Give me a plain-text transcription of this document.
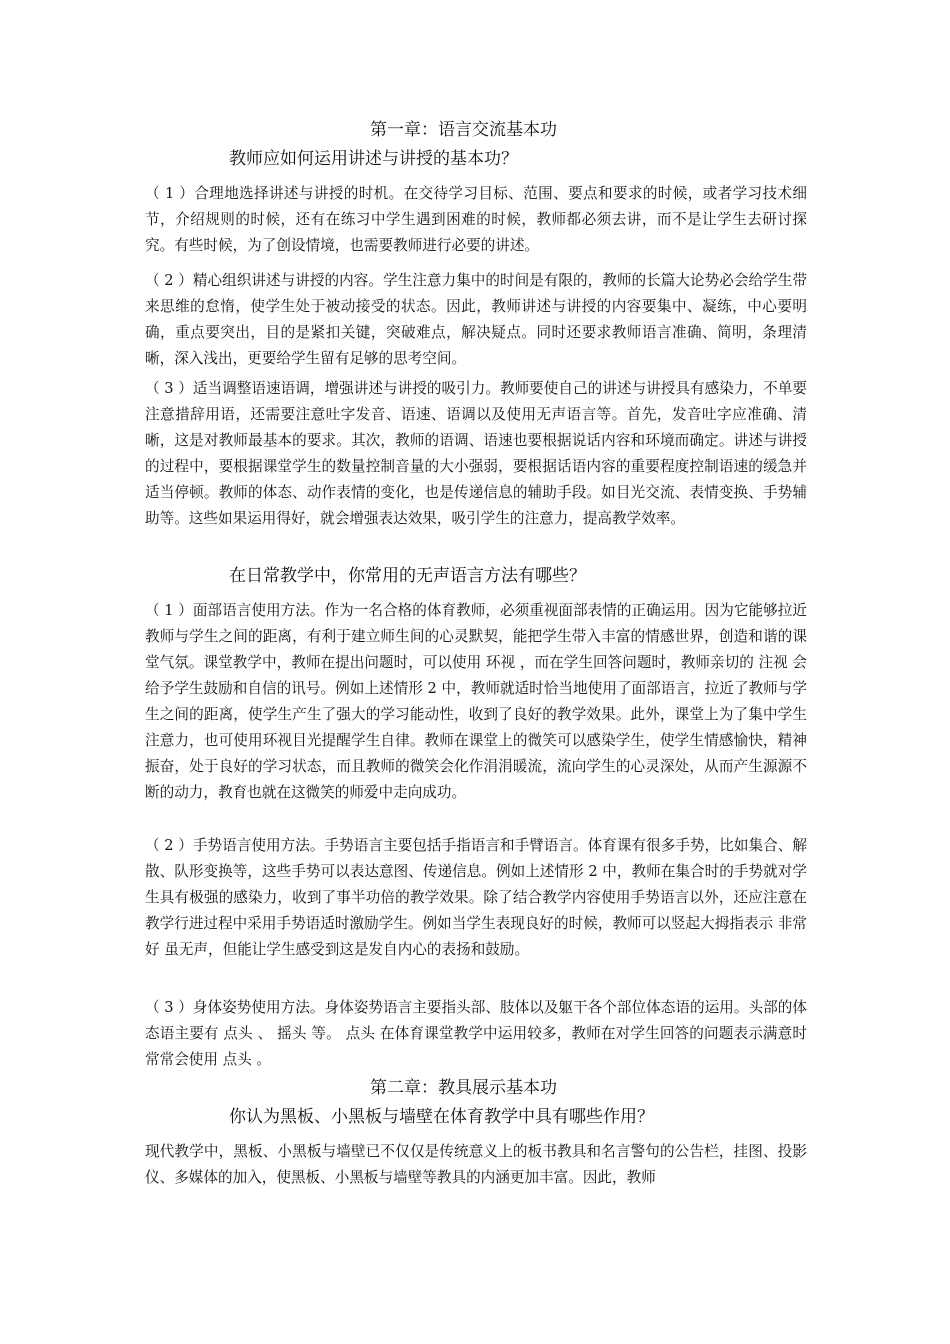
第一章：语言交流基本功
教师应如何运用讲述与讲授的基本功？

（ 1 ）合理地选择讲述与讲授的时机。在交待学习目标、范围、要点和要求的时候，或者学习技术细节，介绍规则的时候，还有在练习中学生遇到困难的时候，教师都必须去讲，而不是让学生去研讨探究。有些时候，为了创设情境，也需要教师进行必要的讲述。

（ 2 ）精心组织讲述与讲授的内容。学生注意力集中的时间是有限的，教师的长篇大论势必会给学生带来思维的怠惰，使学生处于被动接受的状态。因此，教师讲述与讲授的内容要集中、凝练，中心要明确，重点要突出，目的是紧扣关键，突破难点，解决疑点。同时还要求教师语言准确、简明，条理清晰，深入浅出，更要给学生留有足够的思考空间。

（ 3 ）适当调整语速语调，增强讲述与讲授的吸引力。教师要使自己的讲述与讲授具有感染力，不单要注意措辞用语，还需要注意吐字发音、语速、语调以及使用无声语言等。首先，发音吐字应准确、清晰，这是对教师最基本的要求。其次，教师的语调、语速也要根据说话内容和环境而确定。讲述与讲授的过程中，要根据课堂学生的数量控制音量的大小强弱，要根据话语内容的重要程度控制语速的缓急并适当停顿。教师的体态、动作表情的变化，也是传递信息的辅助手段。如目光交流、表情变换、手势辅助等。这些如果运用得好，就会增强表达效果，吸引学生的注意力，提高教学效率。

在日常教学中，你常用的无声语言方法有哪些？

（ 1 ）面部语言使用方法。作为一名合格的体育教师，必须重视面部表情的正确运用。因为它能够拉近教师与学生之间的距离，有利于建立师生间的心灵默契，能把学生带入丰富的情感世界，创造和谐的课堂气氛。课堂教学中，教师在提出问题时，可以使用 环视 ，而在学生回答问题时，教师亲切的 注视 会给予学生鼓励和自信的讯号。例如上述情形 2 中，教师就适时恰当地使用了面部语言，拉近了教师与学生之间的距离，使学生产生了强大的学习能动性，收到了良好的教学效果。此外，课堂上为了集中学生注意力，也可使用环视目光提醒学生自律。教师在课堂上的微笑可以感染学生，使学生情感愉快，精神振奋，处于良好的学习状态，而且教师的微笑会化作涓涓暖流，流向学生的心灵深处，从而产生源源不断的动力，教育也就在这微笑的师爱中走向成功。

（ 2 ）手势语言使用方法。手势语言主要包括手指语言和手臂语言。体育课有很多手势，比如集合、解散、队形变换等，这些手势可以表达意图、传递信息。例如上述情形 2 中，教师在集合时的手势就对学生具有极强的感染力，收到了事半功倍的教学效果。除了结合教学内容使用手势语言以外，还应注意在教学行进过程中采用手势语适时激励学生。例如当学生表现良好的时候，教师可以竖起大拇指表示 非常好 虽无声，但能让学生感受到这是发自内心的表扬和鼓励。

（ 3 ）身体姿势使用方法。身体姿势语言主要指头部、肢体以及躯干各个部位体态语的运用。头部的体态语主要有 点头 、 摇头 等。 点头 在体育课堂教学中运用较多，教师在对学生回答的问题表示满意时常常会使用 点头 。

第二章：教具展示基本功
你认为黑板、小黑板与墙壁在体育教学中具有哪些作用？

现代教学中，黑板、小黑板与墙壁已不仅仅是传统意义上的板书教具和名言警句的公告栏，挂图、投影仪、多媒体的加入，使黑板、小黑板与墙壁等教具的内涵更加丰富。因此，教师
